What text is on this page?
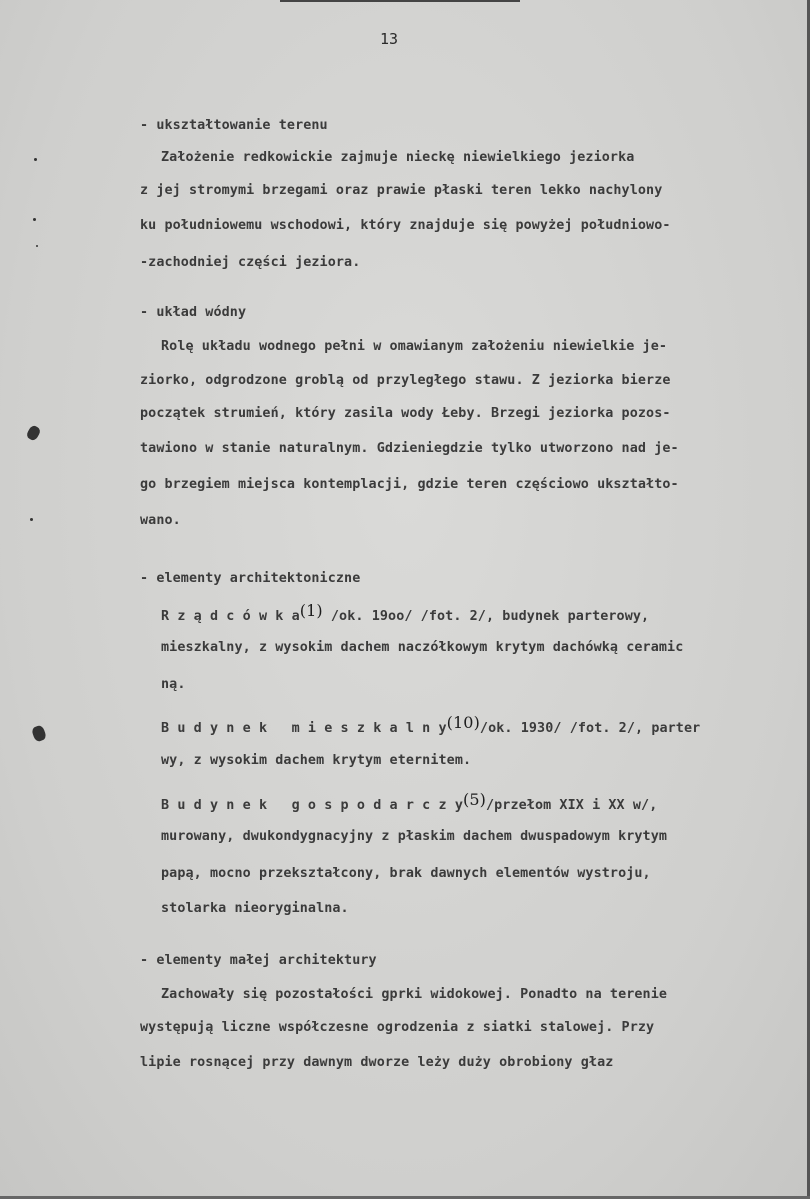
13
- ukształtowanie terenu
Założenie redkowickie zajmuje nieckę niewielkiego jeziorka
z jej stromymi brzegami oraz prawie płaski teren lekko nachylony
ku południowemu wschodowi, który znajduje się powyżej południowo-
-zachodniej części jeziora.
- układ wódny
Rolę układu wodnego pełni w omawianym założeniu niewielkie je-
ziorko, odgrodzone groblą od przyległego stawu. Z jeziorka bierze
początek strumień, który zasila wody Łeby. Brzegi jeziorka pozos-
tawiono w stanie naturalnym. Gdzieniegdzie tylko utworzono nad je-
go brzegiem miejsca kontemplacji, gdzie teren częściowo ukształto-
wano.
- elementy architektoniczne
R z ą d c ó w k a(1) /ok. 19oo/ /fot. 2/, budynek parterowy,
mieszkalny, z wysokim dachem naczółkowym krytym dachówką ceramic
ną.
B u d y n e k   m i e s z k a l n y(10)/ok. 1930/ /fot. 2/, parter
wy, z wysokim dachem krytym eternitem.
B u d y n e k   g o s p o d a r c z y(5)/przełom XIX i XX w/,
murowany, dwukondygnacyjny z płaskim dachem dwuspadowym krytym
papą, mocno przekształcony, brak dawnych elementów wystroju,
stolarka nieoryginalna.
- elementy małej architektury
Zachowały się pozostałości gprki widokowej. Ponadto na terenie
występują liczne współczesne ogrodzenia z siatki stalowej. Przy
lipie rosnącej przy dawnym dworze leży duży obrobiony głaz
